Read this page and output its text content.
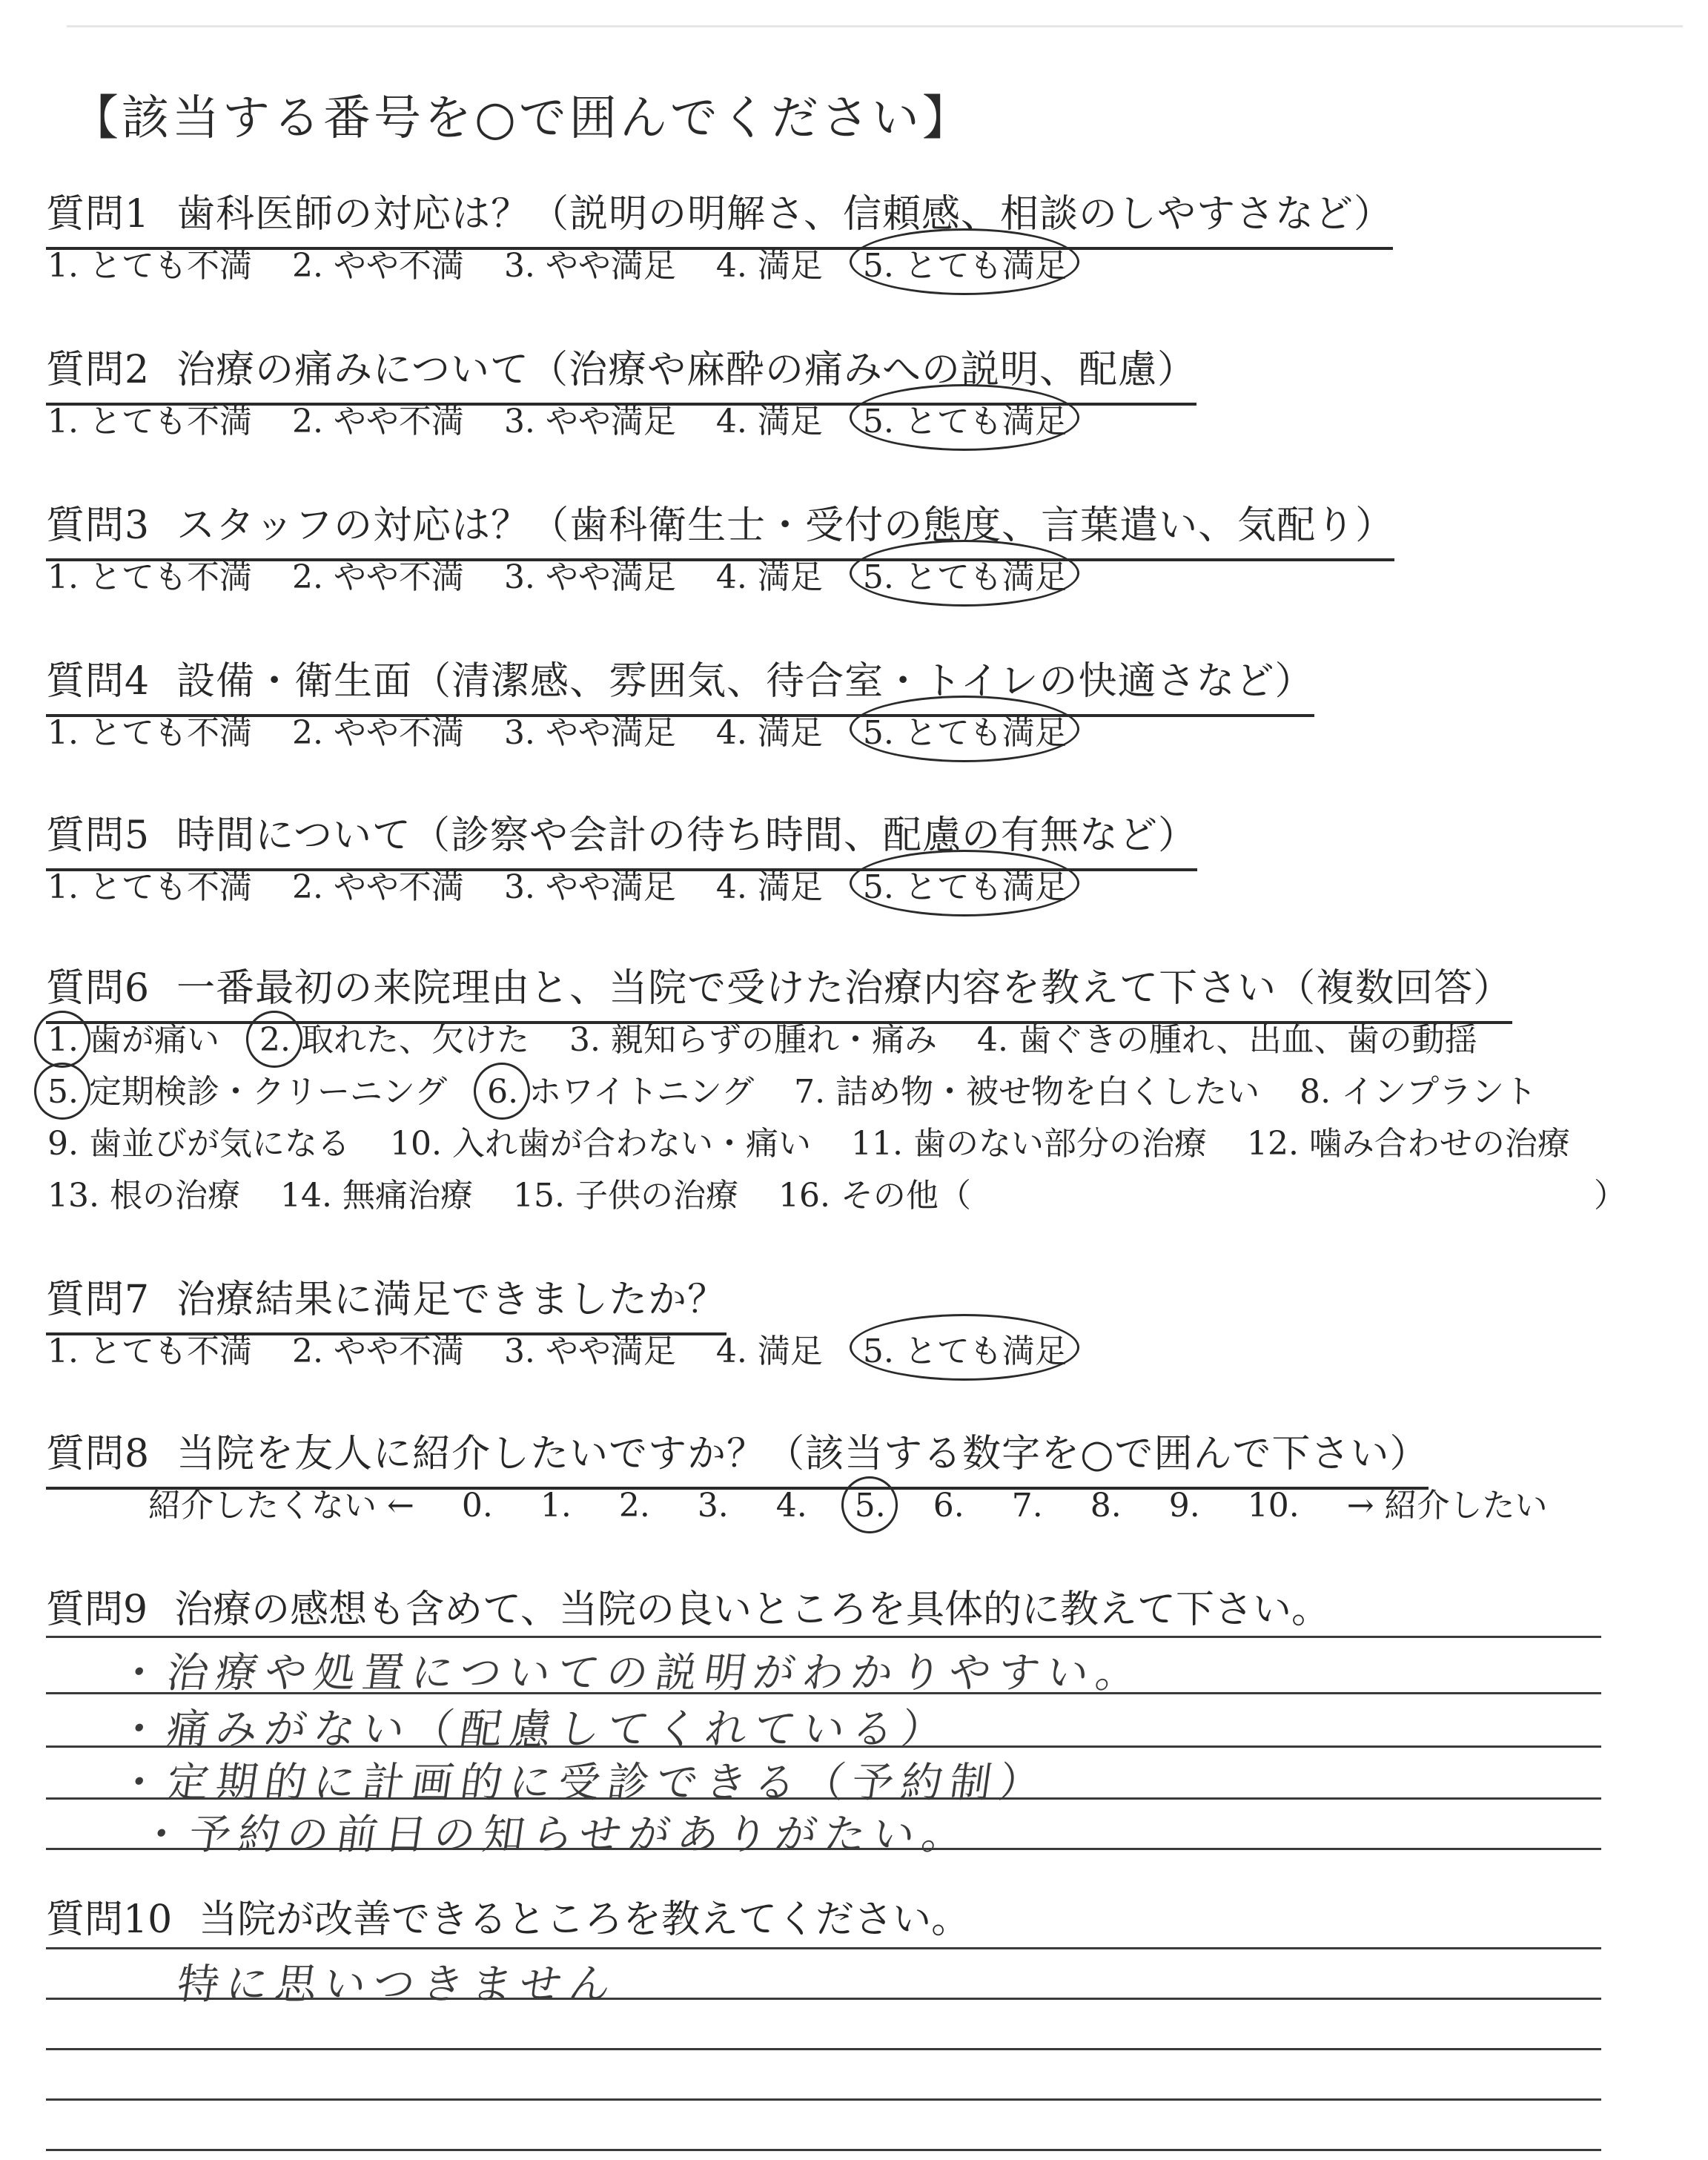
【該当する番号を○で囲んでください】
質問1 歯科医師の対応は？（説明の明解さ、信頼感、相談のしやすさなど）
1. とても不満 2. やや不満 3. やや満足 4. 満足 5. とても満足
質問2 治療の痛みについて（治療や麻酔の痛みへの説明、配慮）
1. とても不満 2. やや不満 3. やや満足 4. 満足 5. とても満足
質問3 スタッフの対応は？（歯科衛生士・受付の態度、言葉遣い、気配り）
1. とても不満 2. やや不満 3. やや満足 4. 満足 5. とても満足
質問4 設備・衛生面（清潔感、雰囲気、待合室・トイレの快適さなど）
1. とても不満 2. やや不満 3. やや満足 4. 満足 5. とても満足
質問5 時間について（診察や会計の待ち時間、配慮の有無など）
1. とても不満 2. やや不満 3. やや満足 4. 満足 5. とても満足
質問6 一番最初の来院理由と、当院で受けた治療内容を教えて下さい（複数回答）
1. 歯が痛い 2. 取れた、欠けた 3. 親知らずの腫れ・痛み 4. 歯ぐきの腫れ、出血、歯の動揺
5. 定期検診・クリーニング 6. ホワイトニング 7. 詰め物・被せ物を白くしたい 8. インプラント
9. 歯並びが気になる 10. 入れ歯が合わない・痛い 11. 歯のない部分の治療 12. 噛み合わせの治療
13. 根の治療 14. 無痛治療 15. 子供の治療 16. その他（	）
質問7 治療結果に満足できましたか？
1. とても不満 2. やや不満 3. やや満足 4. 満足 5. とても満足
質問8 当院を友人に紹介したいですか？（該当する数字を○で囲んで下さい）
紹介したくない ← 0. 1. 2. 3. 4. 5. 6. 7. 8. 9. 10. → 紹介したい
質問9 治療の感想も含めて、当院の良いところを具体的に教えて下さい。
・治療や処置についての説明がわかりやすい。
・痛みがない（配慮してくれている）
・定期的に計画的に受診できる（予約制）
・予約の前日の知らせがありがたい。
質問10 当院が改善できるところを教えてください。
特に思いつきません
